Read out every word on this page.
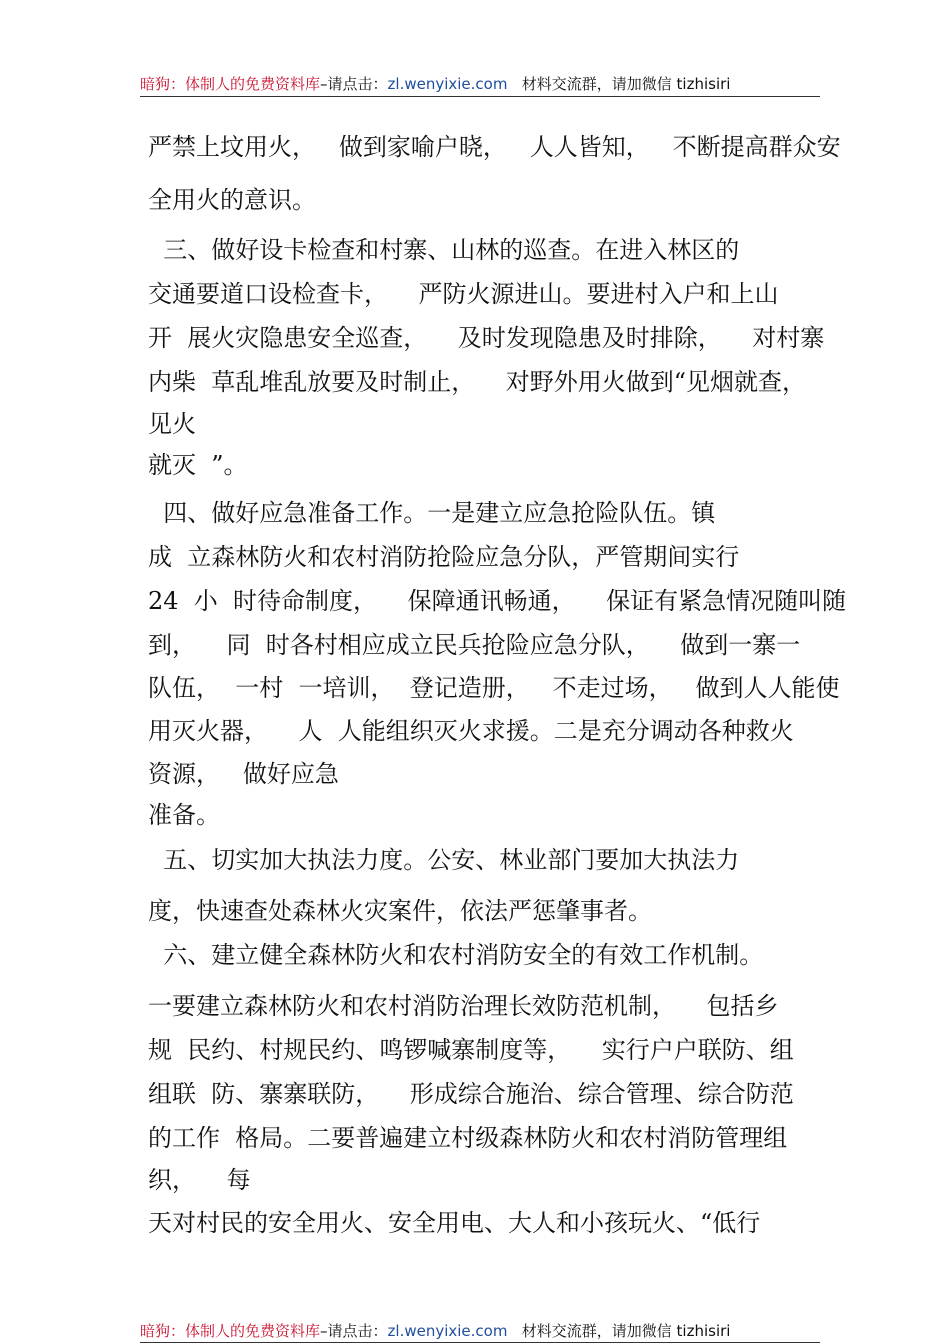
暗狗：体制人的免费资料库–请点击：zl.wenyixie.com 材料交流群，请加微信 tizhisiri
严禁上坟用火，   做到家喻户晓，   人人皆知，   不断提高群众安
全用火的意识。
三、做好设卡检查和村寨、山林的巡查。在进入林区的
交通要道口设检查卡，    严防火源进山。要进村入户和上山
开  展火灾隐患安全巡查，    及时发现隐患及时排除，    对村寨
内柴  草乱堆乱放要及时制止，    对野外用火做到“见烟就查，
见火
就灭  ”。
四、做好应急准备工作。一是建立应急抢险队伍。镇
成  立森林防火和农村消防抢险应急分队，严管期间实行
24  小  时待命制度，    保障通讯畅通，    保证有紧急情况随叫随
到，    同  时各村相应成立民兵抢险应急分队，    做到一寨一
队伍，  一村  一培训，  登记造册，   不走过场，   做到人人能使
用灭火器，    人  人能组织灭火求援。二是充分调动各种救火
资源，   做好应急
准备。
五、切实加大执法力度。公安、林业部门要加大执法力
度，快速查处森林火灾案件，依法严惩肇事者。
六、建立健全森林防火和农村消防安全的有效工作机制。
一要建立森林防火和农村消防治理长效防范机制，    包括乡
规  民约、村规民约、鸣锣喊寨制度等，    实行户户联防、组
组联  防、寨寨联防，    形成综合施治、综合管理、综合防范
的工作  格局。二要普遍建立村级森林防火和农村消防管理组
织，    每
天对村民的安全用火、安全用电、大人和小孩玩火、“低行
暗狗：体制人的免费资料库–请点击：zl.wenyixie.com 材料交流群，请加微信 tizhisiri
